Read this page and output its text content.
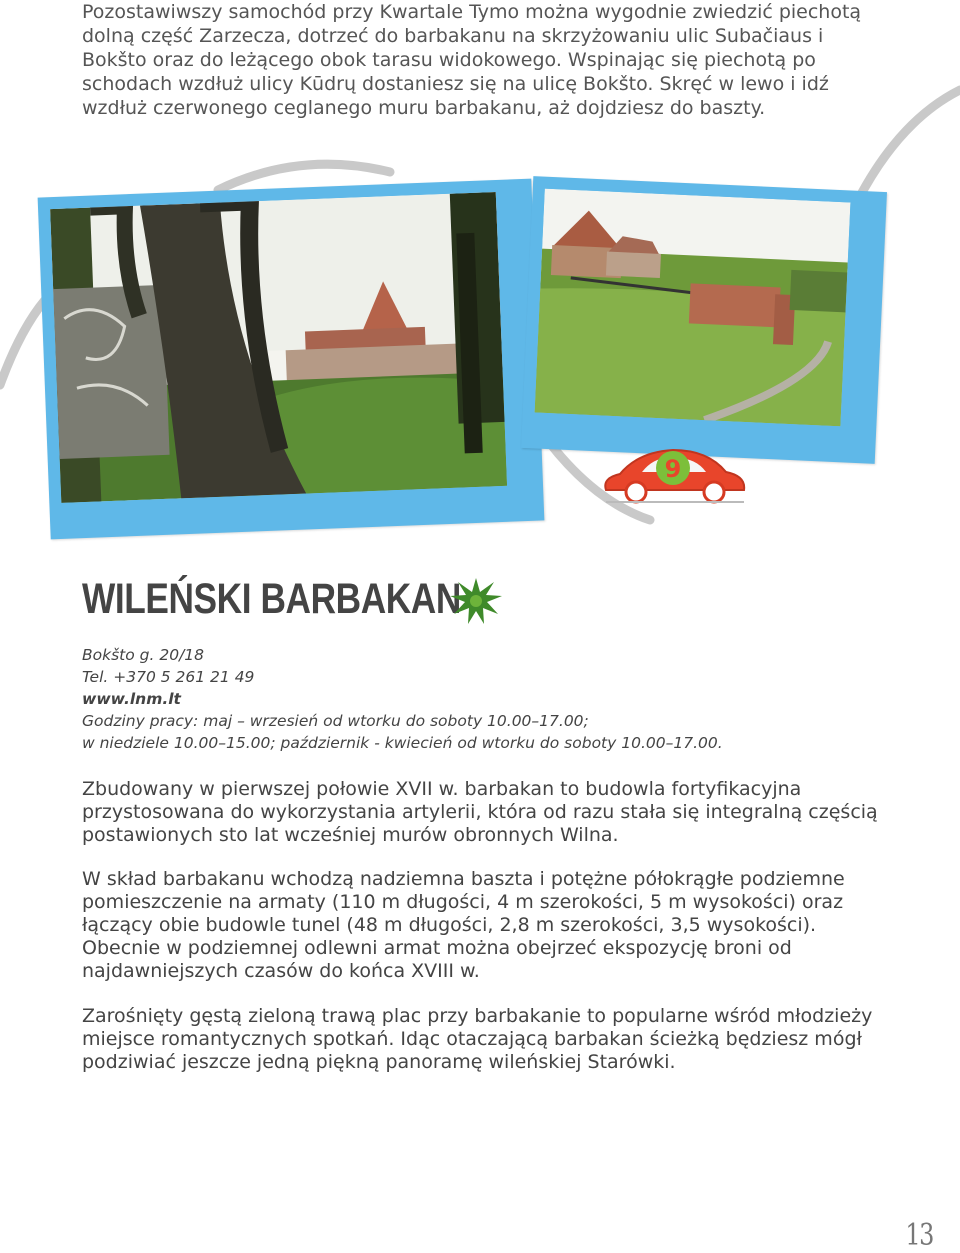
Pozostawiwszy samochód przy Kwartale Tymo można wygodnie zwiedzić piechotą dolną część Zarzecza, dotrzeć do barbakanu na skrzyżowaniu ulic Subačiaus i Bokšto oraz do leżącego obok tarasu widokowego. Wspinając się piechotą po schodach wzdłuż ulicy Kūdrų dostaniesz się na ulicę Bokšto. Skręć w lewo i idź wzdłuż czerwonego ceglanego muru barbakanu, aż dojdziesz do baszty.

9
WILEŃSKI BARBAKAN
Bokšto g. 20/18
Tel. +370 5 261 21 49
www.lnm.lt
Godziny pracy: maj – wrzesień od wtorku do soboty 10.00–17.00;
w niedziele 10.00–15.00; październik - kwiecień od wtorku do soboty 10.00–17.00.

Zbudowany w pierwszej połowie XVII w. barbakan to budowla fortyfikacyjna przystosowana do wykorzystania artylerii, która od razu stała się integralną częścią postawionych sto lat wcześniej murów obronnych Wilna.

W skład barbakanu wchodzą nadziemna baszta i potężne półokrągłe podziemne pomieszczenie na armaty (110 m długości, 4 m szerokości, 5 m wysokości) oraz łączący obie budowle tunel (48 m długości, 2,8 m szerokości, 3,5 wysokości). Obecnie w podziemnej odlewni armat można obejrzeć ekspozycję broni od najdawniejszych czasów do końca XVIII w.

Zarośnięty gęstą zieloną trawą plac przy barbakanie to popularne wśród młodzieży miejsce romantycznych spotkań. Idąc otaczającą barbakan ścieżką będziesz mógł podziwiać jeszcze jedną piękną panoramę wileńskiej Starówki.

13
